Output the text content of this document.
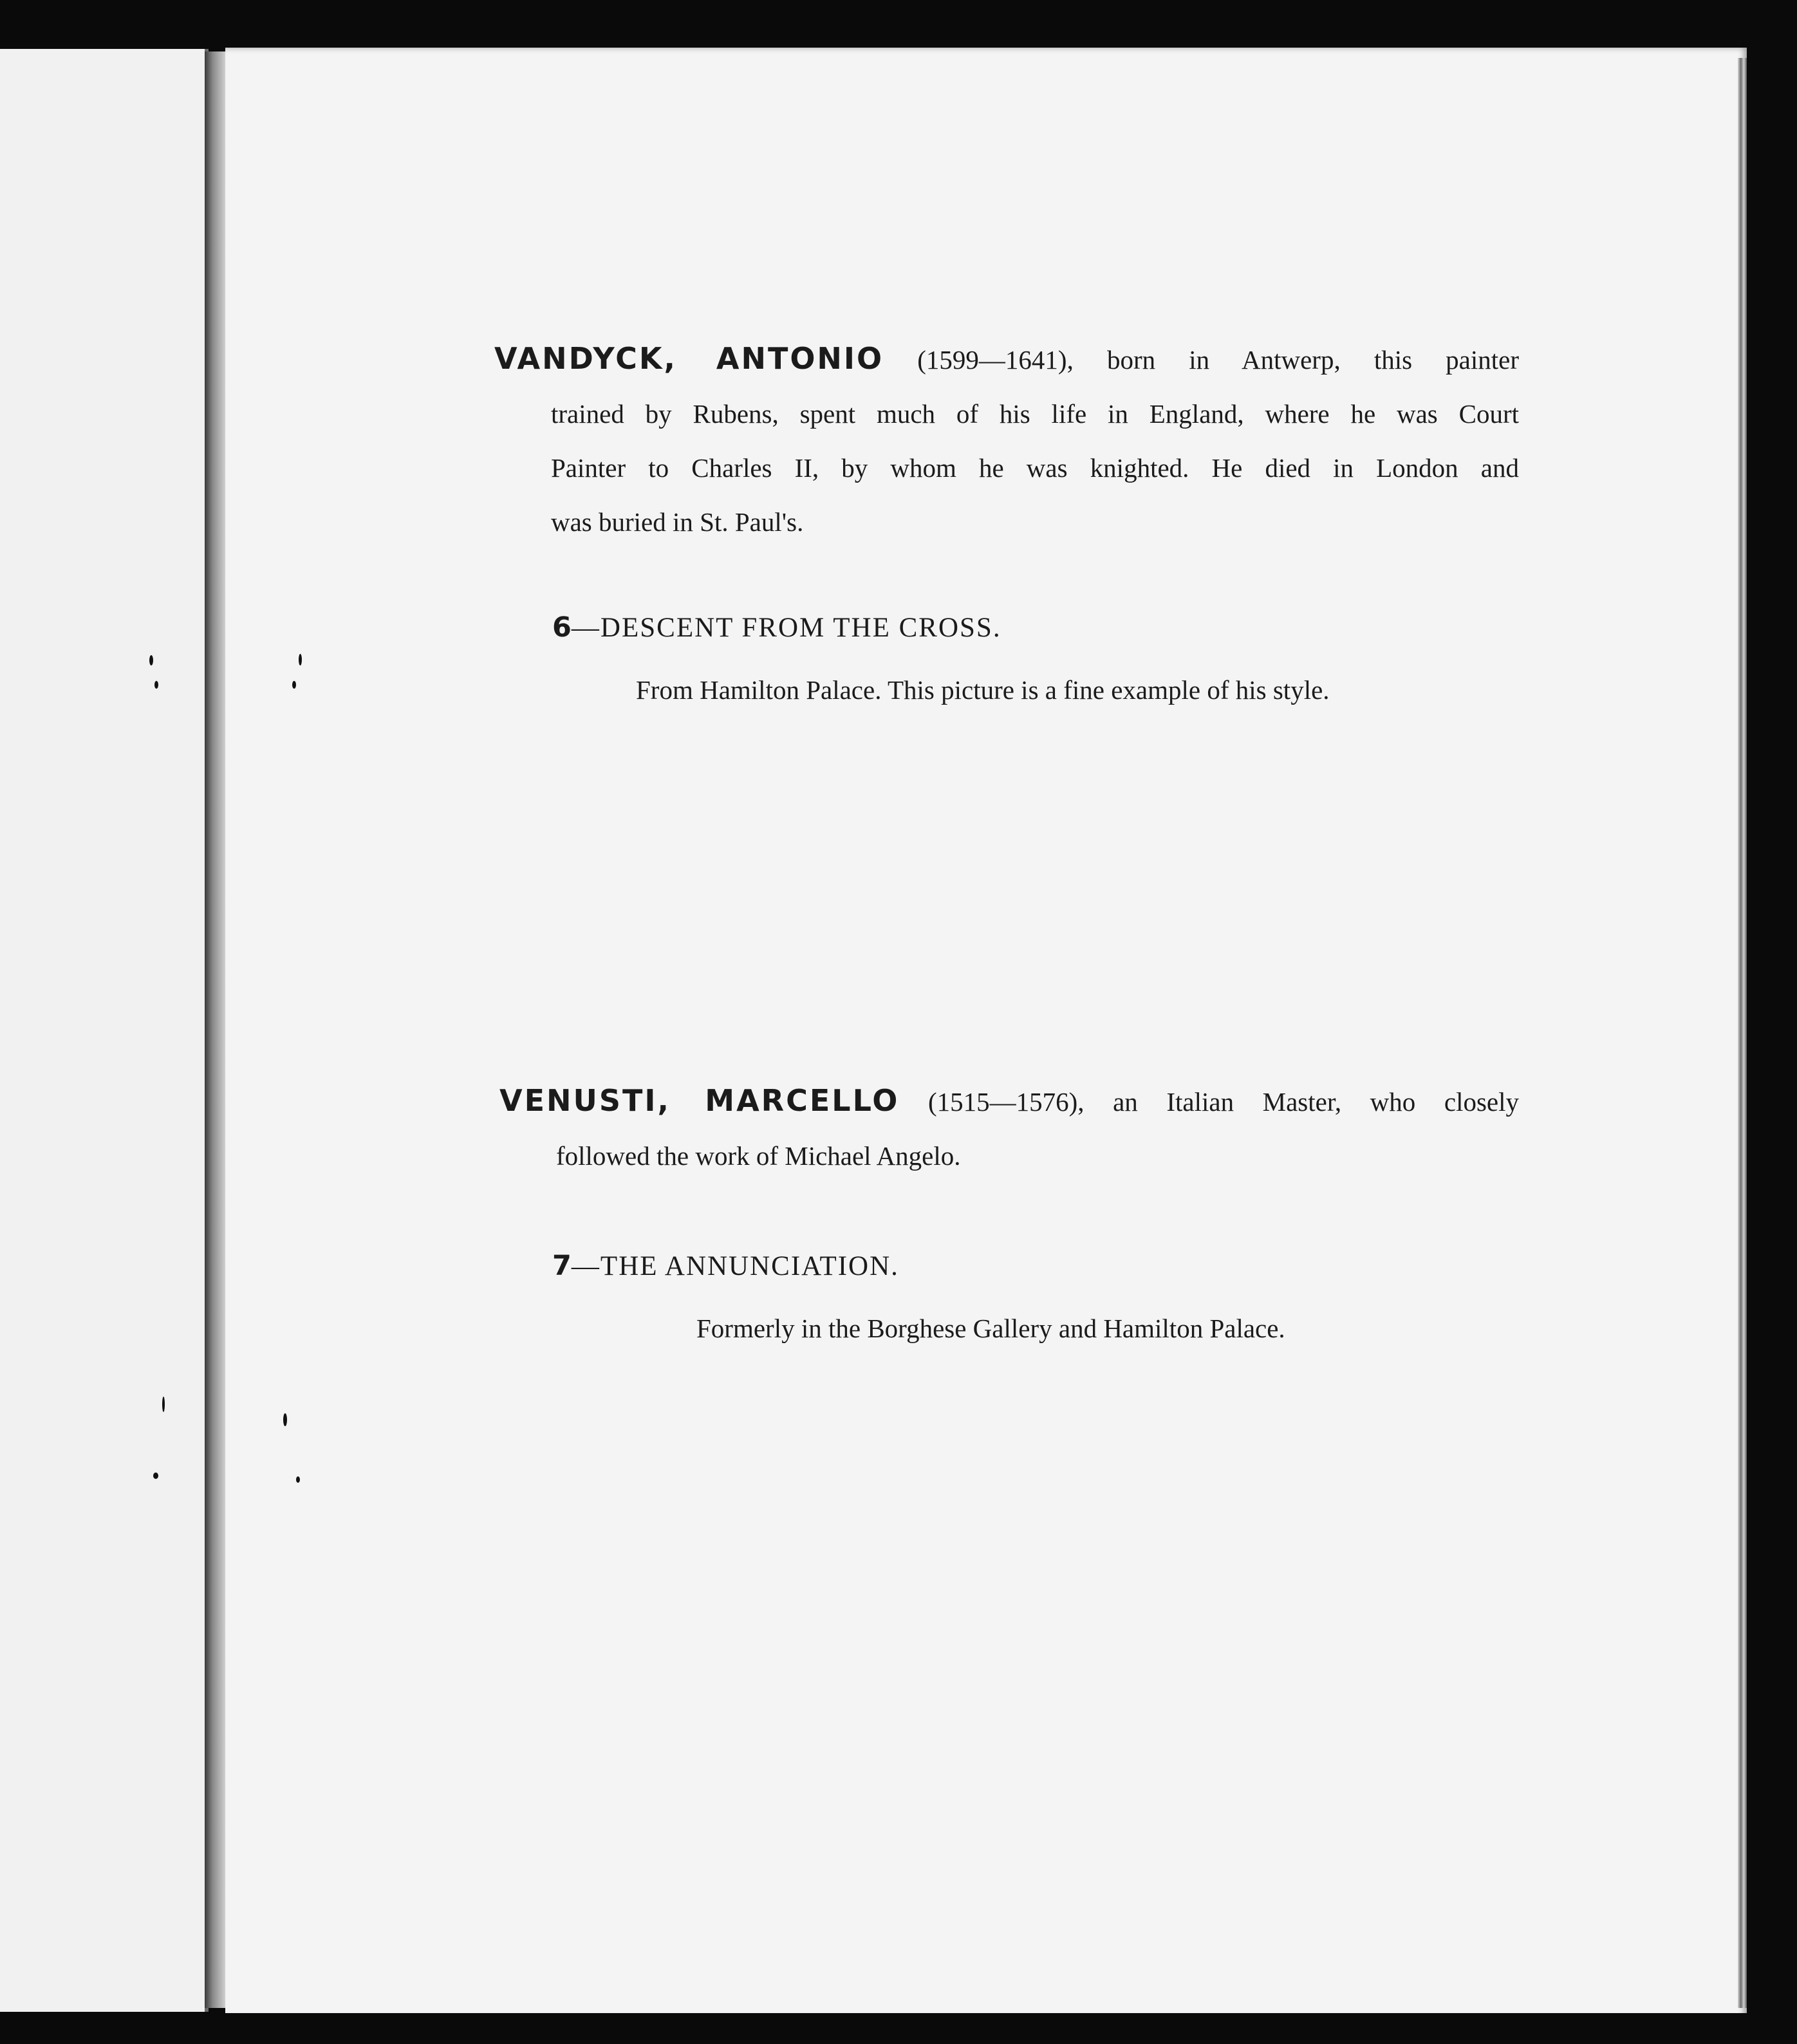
VANDYCK, ANTONIO (1599—1641), born in Antwerp, this painter
trained by Rubens, spent much of his life in England, where he was Court
Painter to Charles II, by whom he was knighted. He died in London and
was buried in St. Paul's.
6—DESCENT FROM THE CROSS.
From Hamilton Palace. This picture is a fine example of his style.
VENUSTI, MARCELLO (1515—1576), an Italian Master, who closely
followed the work of Michael Angelo.
7—THE ANNUNCIATION.
Formerly in the Borghese Gallery and Hamilton Palace.
